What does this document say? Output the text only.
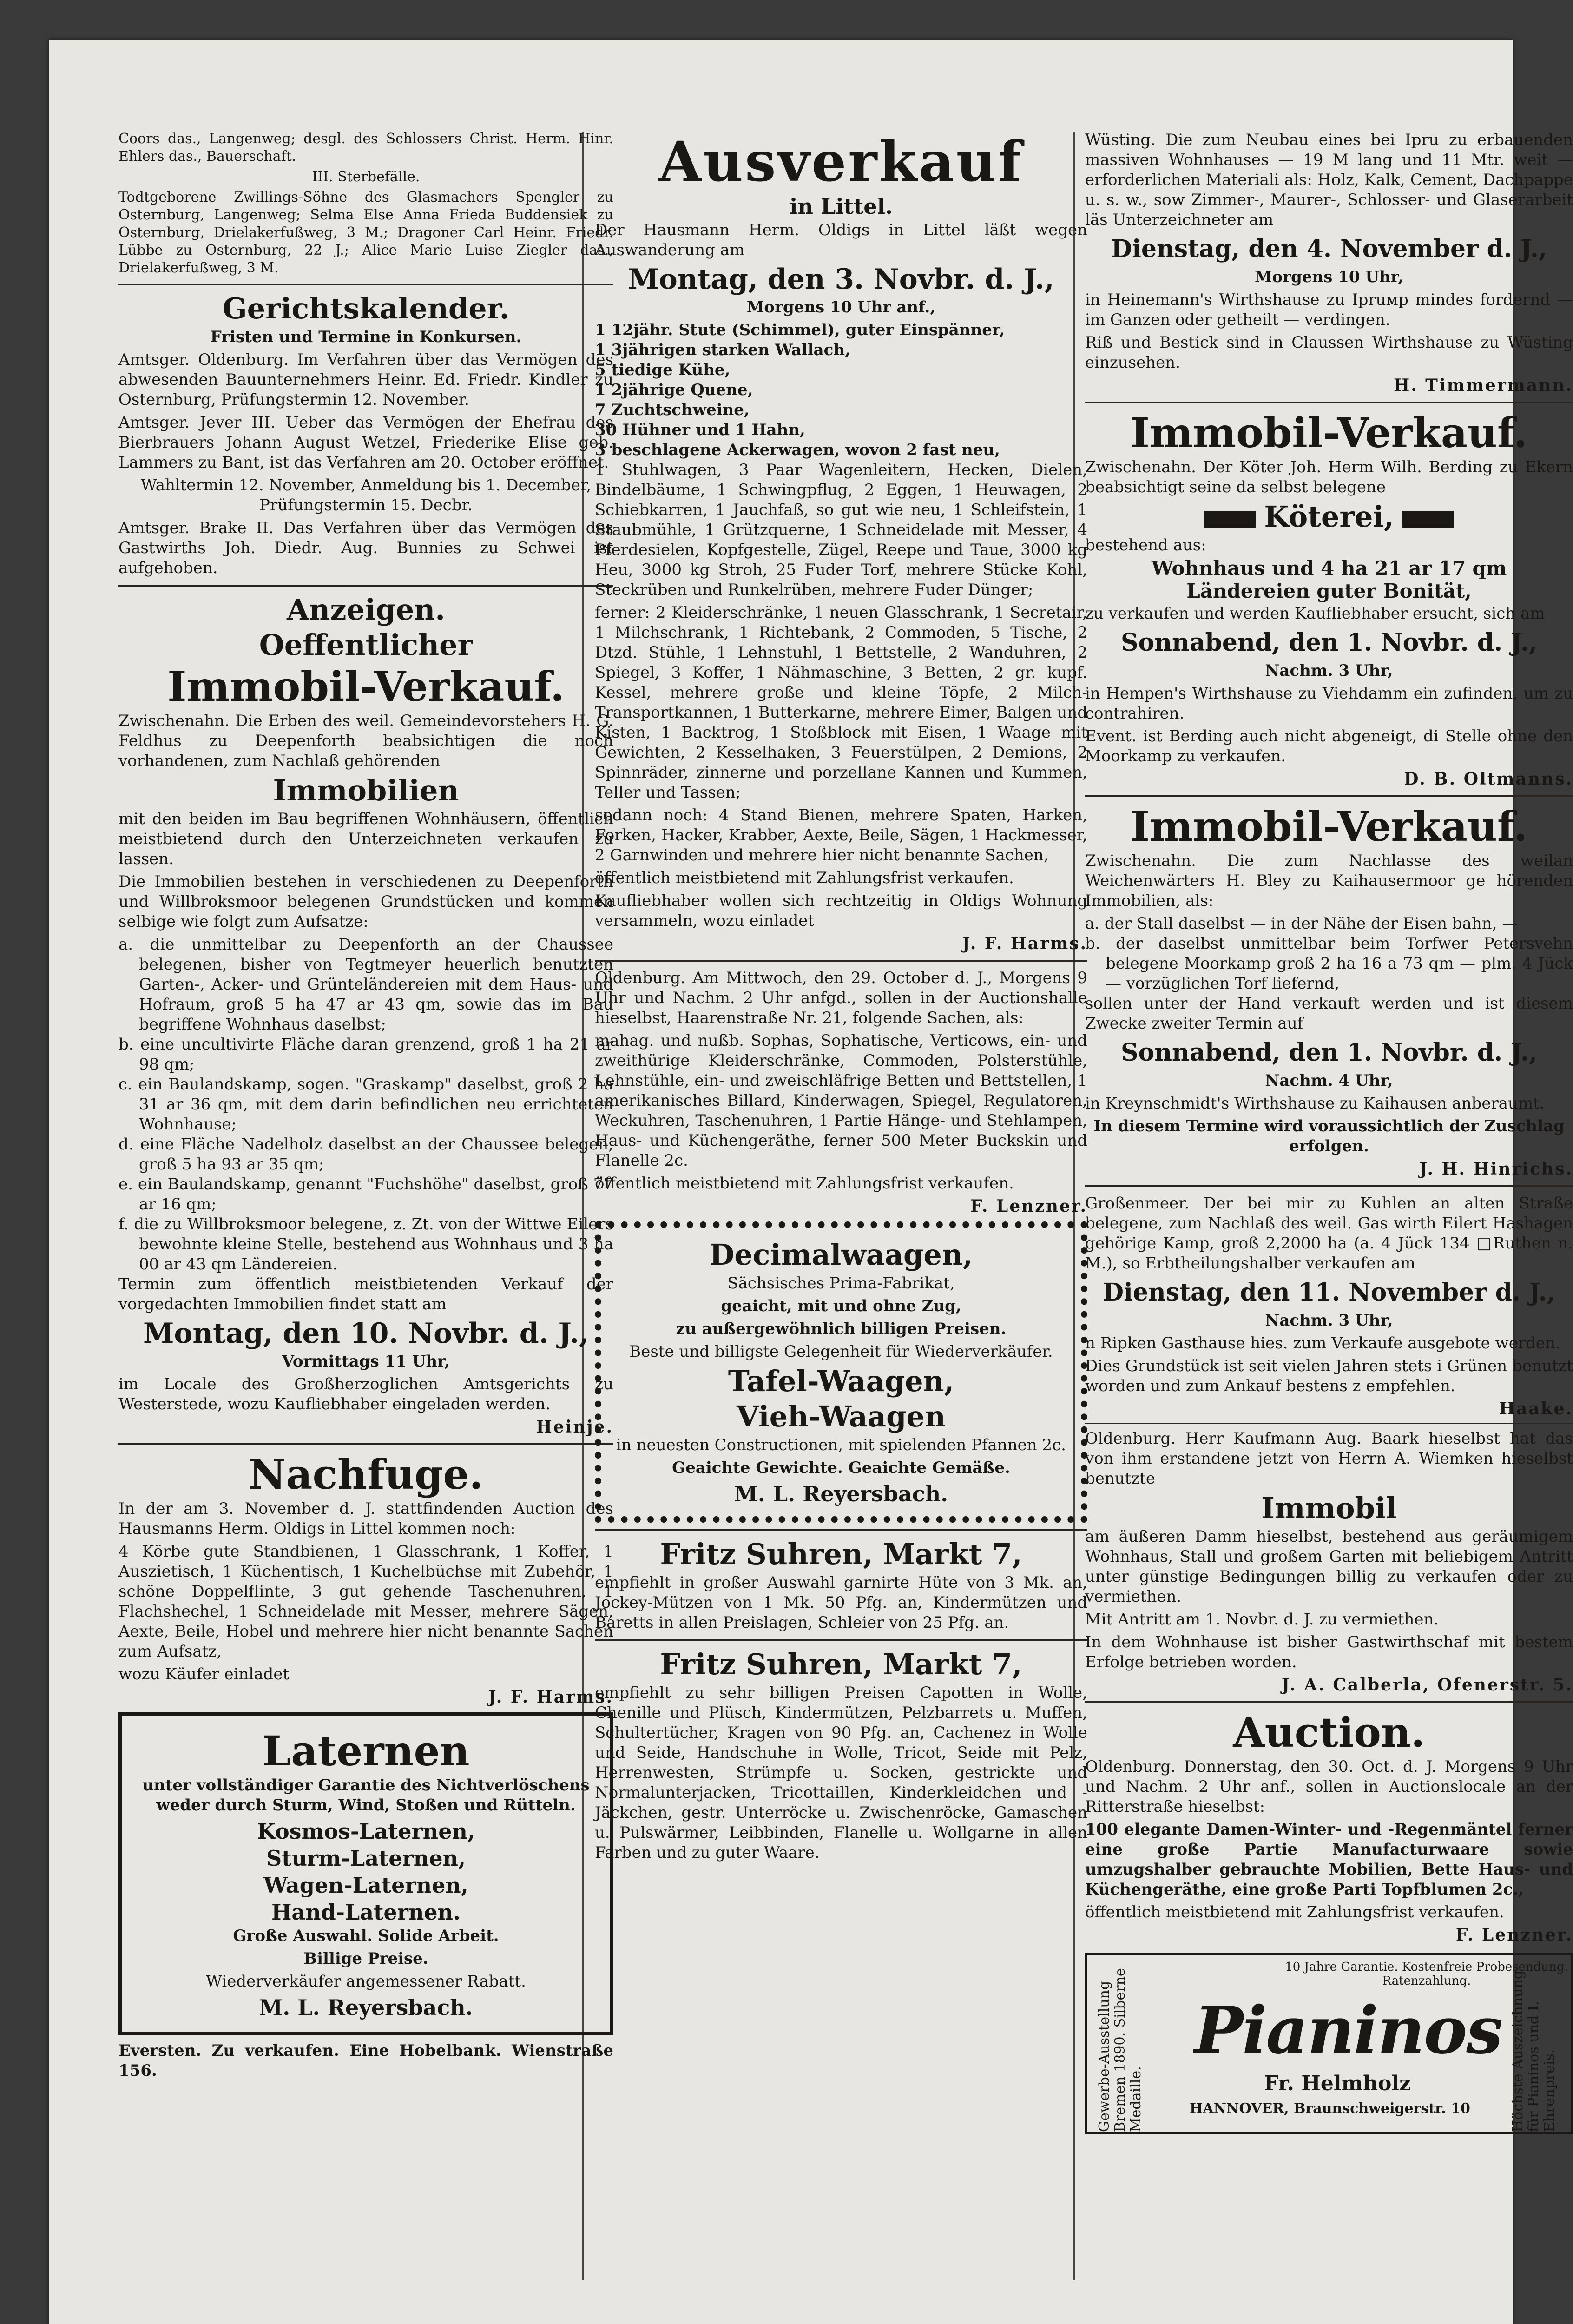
Coors das., Langenweg; desgl. des Schlossers Christ. Herm. Hinr. Ehlers das., Bauerschaft.

III. Sterbefälle.

Todtgeborene Zwillings-Söhne des Glasmachers Spengler zu Osternburg, Langenweg; Selma Else Anna Frieda Buddensiek zu Osternburg, Drielakerfußweg, 3 M.; Dragoner Carl Heinr. Friedr. Lübbe zu Osternburg, 22 J.; Alice Marie Luise Ziegler das., Drielakerfußweg, 3 M.

Gerichtskalender.

Fristen und Termine in Konkursen.

Amtsger. Oldenburg. Im Verfahren über das Vermögen des abwesenden Bauunternehmers Heinr. Ed. Friedr. Kindler zu Osternburg, Prüfungstermin 12. November.

Amtsger. Jever III. Ueber das Vermögen der Ehefrau des Bierbrauers Johann August Wetzel, Friederike Elise geb. Lammers zu Bant, ist das Verfahren am 20. October eröffnet.

Wahltermin 12. November, Anmeldung bis 1. December, Prüfungstermin 15. Decbr.

Amtsger. Brake II. Das Verfahren über das Vermögen des Gastwirths Joh. Diedr. Aug. Bunnies zu Schwei ist aufgehoben.

Anzeigen.
Oeffentlicher
Immobil-Verkauf.

Zwischenahn. Die Erben des weil. Gemeindevorstehers H. G. Feldhus zu Deepenforth beabsichtigen die noch vorhandenen, zum Nachlaß gehörenden

Immobilien

mit den beiden im Bau begriffenen Wohnhäusern, öffentlich meistbietend durch den Unterzeichneten verkaufen zu lassen.

Die Immobilien bestehen in verschiedenen zu Deepenforth und Willbroksmoor belegenen Grundstücken und kommen selbige wie folgt zum Aufsatze:

a. die unmittelbar zu Deepenforth an der Chaussee belegenen, bisher von Tegtmeyer heuerlich benutzten Garten-, Acker- und Grünteländereien mit dem Haus- und Hofraum, groß 5 ha 47 ar 43 qm, sowie das im Bau begriffene Wohnhaus daselbst;
b. eine uncultivirte Fläche daran grenzend, groß 1 ha 21 ar 98 qm;
c. ein Baulandskamp, sogen. "Graskamp" daselbst, groß 2 ha 31 ar 36 qm, mit dem darin befindlichen neu errichteten Wohnhause;
d. eine Fläche Nadelholz daselbst an der Chaussee belegen, groß 5 ha 93 ar 35 qm;
e. ein Baulandskamp, genannt "Fuchshöhe" daselbst, groß 77 ar 16 qm;
f. die zu Willbroksmoor belegene, z. Zt. von der Wittwe Eilers bewohnte kleine Stelle, bestehend aus Wohnhaus und 3 ha 00 ar 43 qm Ländereien.

Termin zum öffentlich meistbietenden Verkauf der vorgedachten Immobilien findet statt am

Montag, den 10. Novbr. d. J.,

Vormittags 11 Uhr,

im Locale des Großherzoglichen Amtsgerichts zu Westerstede, wozu Kaufliebhaber eingeladen werden.

Heinje.
Nachfuge.

In der am 3. November d. J. stattfindenden Auction des Hausmanns Herm. Oldigs in Littel kommen noch:

4 Körbe gute Standbienen, 1 Glasschrank, 1 Koffer, 1 Auszietisch, 1 Küchentisch, 1 Kuchelbüchse mit Zubehör, 1 schöne Doppelflinte, 3 gut gehende Taschenuhren, 1 Flachshechel, 1 Schneidelade mit Messer, mehrere Sägen, Aexte, Beile, Hobel und mehrere hier nicht benannte Sachen zum Aufsatz,

wozu Käufer einladet

J. F. Harms.
Laternen

unter vollständiger Garantie des Nichtverlöschens weder durch Sturm, Wind, Stoßen und Rütteln.

Kosmos-Laternen,
Sturm-Laternen,
Wagen-Laternen,
Hand-Laternen.

Große Auswahl. Solide Arbeit.

Billige Preise.

Wiederverkäufer angemessener Rabatt.

M. L. Reyersbach.

Eversten. Zu verkaufen. Eine Hobelbank. Wienstraße 156.

Ausverkauf
in Littel.

Der Hausmann Herm. Oldigs in Littel läßt wegen Auswanderung am

Montag, den 3. Novbr. d. J.,

Morgens 10 Uhr anf.,

1 12jähr. Stute (Schimmel), guter Einspänner,
1 3jährigen starken Wallach,
5 tiedige Kühe,
1 2jährige Quene,
7 Zuchtschweine,
30 Hühner und 1 Hahn,
3 beschlagene Ackerwagen, wovon 2 fast neu,

1 Stuhlwagen, 3 Paar Wagenleitern, Hecken, Dielen, Bindelbäume, 1 Schwingpflug, 2 Eggen, 1 Heuwagen, 2 Schiebkarren, 1 Jauchfaß, so gut wie neu, 1 Schleifstein, 1 Staubmühle, 1 Grützquerne, 1 Schneidelade mit Messer, 4 Pferdesielen, Kopfgestelle, Zügel, Reepe und Taue, 3000 kg Heu, 3000 kg Stroh, 25 Fuder Torf, mehrere Stücke Kohl, Steckrüben und Runkelrüben, mehrere Fuder Dünger;

ferner: 2 Kleiderschränke, 1 neuen Glasschrank, 1 Secretair, 1 Milchschrank, 1 Richtebank, 2 Commoden, 5 Tische, 2 Dtzd. Stühle, 1 Lehnstuhl, 1 Bettstelle, 2 Wanduhren, 2 Spiegel, 3 Koffer, 1 Nähmaschine, 3 Betten, 2 gr. kupf. Kessel, mehrere große und kleine Töpfe, 2 Milch-Transportkannen, 1 Butterkarne, mehrere Eimer, Balgen und Kisten, 1 Backtrog, 1 Stoßblock mit Eisen, 1 Waage mit Gewichten, 2 Kesselhaken, 3 Feuerstülpen, 2 Demions, 2 Spinnräder, zinnerne und porzellane Kannen und Kummen, Teller und Tassen;

sodann noch: 4 Stand Bienen, mehrere Spaten, Harken, Forken, Hacker, Krabber, Aexte, Beile, Sägen, 1 Hackmesser, 2 Garnwinden und mehrere hier nicht benannte Sachen,

öffentlich meistbietend mit Zahlungsfrist verkaufen.

Kaufliebhaber wollen sich rechtzeitig in Oldigs Wohnung versammeln, wozu einladet

J. F. Harms.

Oldenburg. Am Mittwoch, den 29. October d. J., Morgens 9 Uhr und Nachm. 2 Uhr anfgd., sollen in der Auctionshalle hieselbst, Haarenstraße Nr. 21, folgende Sachen, als:

mahag. und nußb. Sophas, Sophatische, Verticows, ein- und zweithürige Kleiderschränke, Commoden, Polsterstühle, Lehnstühle, ein- und zweischläfrige Betten und Bettstellen, 1 amerikanisches Billard, Kinderwagen, Spiegel, Regulatoren, Weckuhren, Taschenuhren, 1 Partie Hänge- und Stehlampen, Haus- und Küchengeräthe, ferner 500 Meter Buckskin und Flanelle 2c.

öffentlich meistbietend mit Zahlungsfrist verkaufen.

F. Lenzner.
Decimalwaagen,

Sächsisches Prima-Fabrikat,

geaicht, mit und ohne Zug,

zu außergewöhnlich billigen Preisen.

Beste und billigste Gelegenheit für Wiederverkäufer.

Tafel-Waagen,
Vieh-Waagen

in neuesten Constructionen, mit spielenden Pfannen 2c.

Geaichte Gewichte. Geaichte Gemäße.

M. L. Reyersbach.
Fritz Suhren, Markt 7,

empfiehlt in großer Auswahl garnirte Hüte von 3 Mk. an, Jockey-Mützen von 1 Mk. 50 Pfg. an, Kindermützen und Baretts in allen Preislagen, Schleier von 25 Pfg. an.

Fritz Suhren, Markt 7,

empfiehlt zu sehr billigen Preisen Capotten in Wolle, Chenille und Plüsch, Kindermützen, Pelzbarrets u. Muffen, Schultertücher, Kragen von 90 Pfg. an, Cachenez in Wolle und Seide, Handschuhe in Wolle, Tricot, Seide mit Pelz, Herrenwesten, Strümpfe u. Socken, gestrickte und Normalunterjacken, Tricottaillen, Kinderkleidchen und -Jäckchen, gestr. Unterröcke u. Zwischenröcke, Gamaschen u. Pulswärmer, Leibbinden, Flanelle u. Wollgarne in allen Farben und zu guter Waare.

Wüsting. Die zum Neubau eines bei Ipru zu erbauenden massiven Wohnhauses — 19 M lang und 11 Mtr. weit — erforderlichen Materiali als: Holz, Kalk, Cement, Dachpappe u. s. w., sow Zimmer-, Maurer-, Schlosser- und Glaserarbeit läs Unterzeichneter am

Dienstag, den 4. November d. J.,

Morgens 10 Uhr,

in Heinemann's Wirthshause zu Ipruмp mindes fordernd — im Ganzen oder getheilt — verdingen.

Riß und Bestick sind in Claussen Wirthshause zu Wüsting einzusehen.

H. Timmermann.
Immobil-Verkauf.

Zwischenahn. Der Köter Joh. Herm Wilh. Berding zu Ekern beabsichtigt seine da selbst belegene

Köterei,

bestehend aus:

Wohnhaus und 4 ha 21 ar 17 qm

Ländereien guter Bonität,

zu verkaufen und werden Kaufliebhaber ersucht, sich am

Sonnabend, den 1. Novbr. d. J.,

Nachm. 3 Uhr,

in Hempen's Wirthshause zu Viehdamm ein zufinden, um zu contrahiren.

Event. ist Berding auch nicht abgeneigt, di Stelle ohne den Moorkamp zu verkaufen.

D. B. Oltmanns.
Immobil-Verkauf.

Zwischenahn. Die zum Nachlasse des weilan Weichenwärters H. Bley zu Kaihausermoor ge hörenden Immobilien, als:

a. der Stall daselbst — in der Nähe der Eisen bahn, —
b. der daselbst unmittelbar beim Torfwer Petersvehn belegene Moorkamp groß 2 ha 16 a 73 qm — plm. 4 Jück — vorzüglichen Torf liefernd,

sollen unter der Hand verkauft werden und ist diesem Zwecke zweiter Termin auf

Sonnabend, den 1. Novbr. d. J.,

Nachm. 4 Uhr,

in Kreynschmidt's Wirthshause zu Kaihausen anberaumt.

In diesem Termine wird voraussichtlich der Zuschlag erfolgen.

J. H. Hinrichs.

Großenmeer. Der bei mir zu Kuhlen an alten Straße belegene, zum Nachlaß des weil. Gas wirth Eilert Hashagen gehörige Kamp, groß 2,2000 ha (a. 4 Jück 134 □Ruthen n. M.), so Erbtheilungshalber verkaufen am

Dienstag, den 11. November d. J.,

Nachm. 3 Uhr,

n Ripken Gasthause hies. zum Verkaufe ausgebote werden.

Dies Grundstück ist seit vielen Jahren stets i Grünen benutzt worden und zum Ankauf bestens z empfehlen.

Haake.

Oldenburg. Herr Kaufmann Aug. Baark hieselbst hat das von ihm erstandene jetzt von Herrn A. Wiemken hieselbst benutzte

Immobil

am äußeren Damm hieselbst, bestehend aus geräumigem Wohnhaus, Stall und großem Garten mit beliebigem Antritt unter günstige Bedingungen billig zu verkaufen oder zu vermiethen.

Mit Antritt am 1. Novbr. d. J. zu vermiethen.

In dem Wohnhause ist bisher Gastwirthschaf mit bestem Erfolge betrieben worden.

J. A. Calberla, Ofenerstr. 5.
Auction.

Oldenburg. Donnerstag, den 30. Oct. d. J. Morgens 9 Uhr und Nachm. 2 Uhr anf., sollen in Auctionslocale an der Ritterstraße hieselbst:

100 elegante Damen-Winter- und -Regenmäntel ferner eine große Partie Manufacturwaare sowie umzugshalber gebrauchte Mobilien, Bette Haus- und Küchengeräthe, eine große Parti Topfblumen 2c.,

öffentlich meistbietend mit Zahlungsfrist verkaufen.

F. Lenzner.
Gewerbe-Ausstellung Bremen 1890. Silberne Medaille.
10 Jahre Garantie. Kostenfreie Probesendung. Ratenzahlung.
Pianinos
Fr. Helmholz
HANNOVER, Braunschweigerstr. 10	Höchste Auszeichnung für Pianinos und I. Ehrenpreis.
